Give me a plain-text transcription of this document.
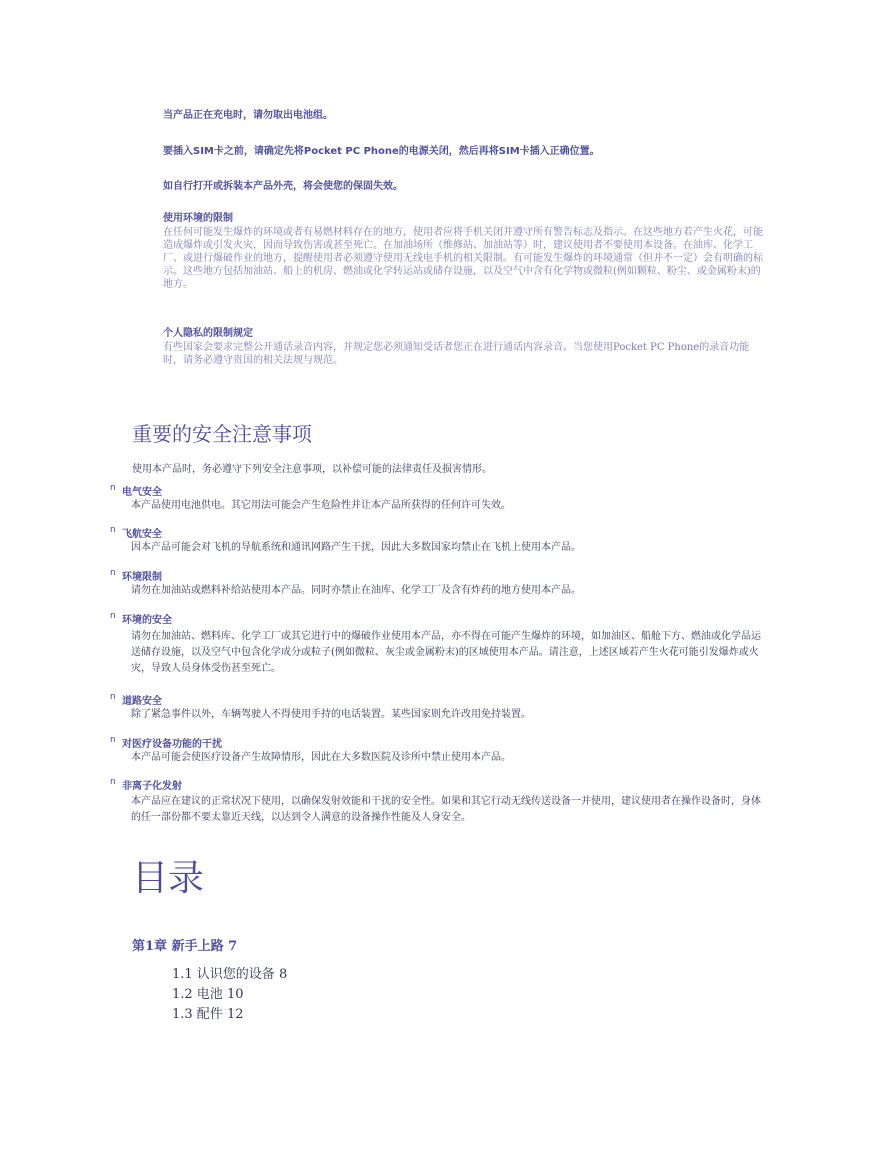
当产品正在充电时，请勿取出电池组。
要插入SIM卡之前，请确定先将Pocket PC Phone的电源关闭，然后再将SIM卡插入正确位置。
如自行打开或拆装本产品外壳，将会使您的保固失效。
使用环境的限制
在任何可能发生爆炸的环境或者有易燃材料存在的地方，使用者应将手机关闭并遵守所有警告标志及指示。在这些地方若产生火花，可能造成爆炸或引发火灾，因而导致伤害或甚至死亡。在加油场所（维修站、加油站等）时，建议使用者不要使用本设备。在油库、化学工厂、或进行爆破作业的地方，提醒使用者必须遵守使用无线电手机的相关限制。有可能发生爆炸的环境通常（但并不一定）会有明确的标示。这些地方包括加油站、船上的机房、燃油或化学转运站或储存设施，以及空气中含有化学物或微粒(例如颗粒、粉尘、或金属粉末)的地方。
个人隐私的限制规定
有些国家会要求完整公开通话录音内容，并规定您必须通知受话者您正在进行通话内容录音。当您使用Pocket PC Phone的录音功能时，请务必遵守贵国的相关法规与规范。
重要的安全注意事项
使用本产品时，务必遵守下列安全注意事项，以补偿可能的法律责任及损害情形。
n 电气安全
本产品使用电池供电。其它用法可能会产生危险性并让本产品所获得的任何许可失效。
n 飞航安全
因本产品可能会对飞机的导航系统和通讯网路产生干扰，因此大多数国家均禁止在飞机上使用本产品。
n 环境限制
请勿在加油站或燃料补给站使用本产品。同时亦禁止在油库、化学工厂及含有炸药的地方使用本产品。
n 环境的安全
请勿在加油站、燃料库、化学工厂或其它进行中的爆破作业使用本产品，亦不得在可能产生爆炸的环境，如加油区、船舱下方、燃油或化学品运送储存设施，以及空气中包含化学成分或粒子(例如微粒、灰尘或金属粉末)的区域使用本产品。请注意，上述区域若产生火花可能引发爆炸或火灾，导致人员身体受伤甚至死亡。
n 道路安全
除了紧急事件以外，车辆驾驶人不得使用手持的电话装置。某些国家则允许改用免持装置。
n 对医疗设备功能的干扰
本产品可能会使医疗设备产生故障情形，因此在大多数医院及诊所中禁止使用本产品。
n 非离子化发射
本产品应在建议的正常状况下使用，以确保发射效能和干扰的安全性。如果和其它行动无线传送设备一并使用，建议使用者在操作设备时，身体的任一部份都不要太靠近天线，以达到令人满意的设备操作性能及人身安全。
目录
第1章 新手上路 7
1.1 认识您的设备 8
1.2 电池 10
1.3 配件 12
